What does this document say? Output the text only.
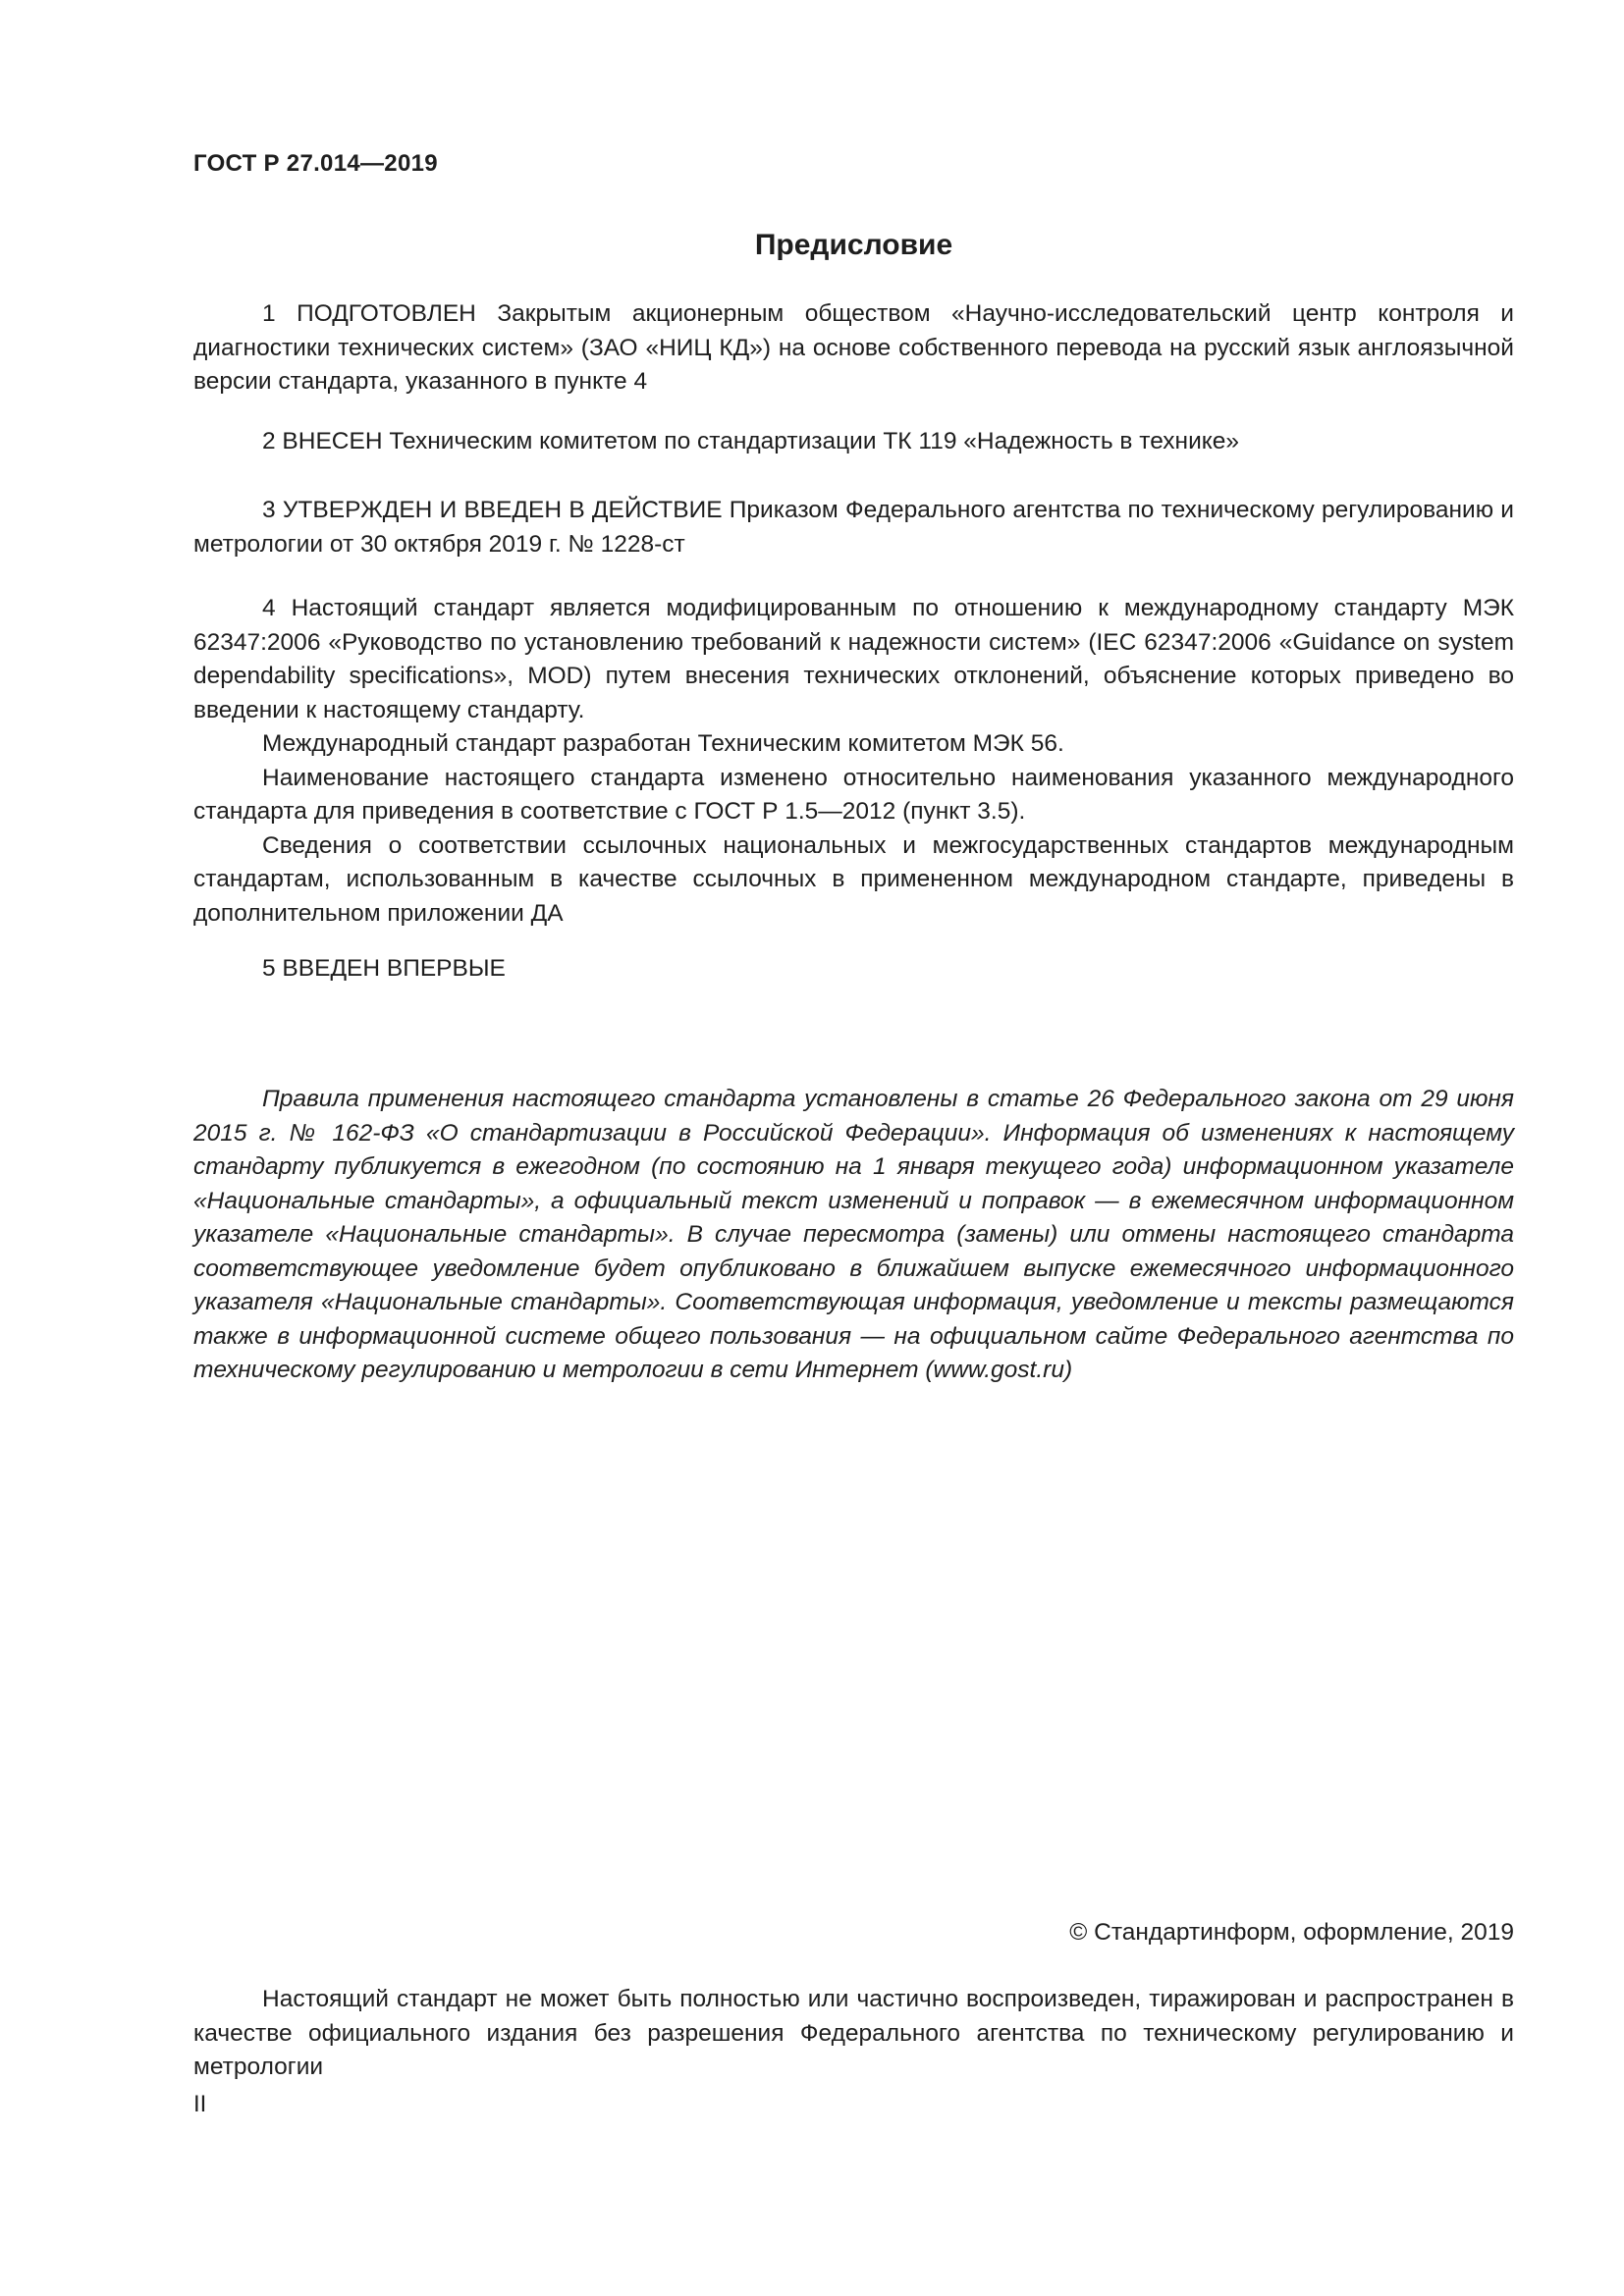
ГОСТ Р 27.014—2019
Предисловие

1 ПОДГОТОВЛЕН Закрытым акционерным обществом «Научно-исследовательский центр контроля и диагностики технических систем» (ЗАО «НИЦ КД») на основе собственного перевода на русский язык англоязычной версии стандарта, указанного в пункте 4

2 ВНЕСЕН Техническим комитетом по стандартизации ТК 119 «Надежность в технике»

3 УТВЕРЖДЕН И ВВЕДЕН В ДЕЙСТВИЕ Приказом Федерального агентства по техническому регулированию и метрологии от 30 октября 2019 г. № 1228-ст

4 Настоящий стандарт является модифицированным по отношению к международному стандарту МЭК 62347:2006 «Руководство по установлению требований к надежности систем» (IEC 62347:2006 «Guidance on system dependability specifications», MOD) путем внесения технических отклонений, объяснение которых приведено во введении к настоящему стандарту.

Международный стандарт разработан Техническим комитетом МЭК 56.

Наименование настоящего стандарта изменено относительно наименования указанного международного стандарта для приведения в соответствие с ГОСТ Р 1.5—2012 (пункт 3.5).

Сведения о соответствии ссылочных национальных и межгосударственных стандартов международным стандартам, использованным в качестве ссылочных в примененном международном стандарте, приведены в дополнительном приложении ДА

5 ВВЕДЕН ВПЕРВЫЕ

Правила применения настоящего стандарта установлены в статье 26 Федерального закона от 29 июня 2015 г. № 162-ФЗ «О стандартизации в Российской Федерации». Информация об изменениях к настоящему стандарту публикуется в ежегодном (по состоянию на 1 января текущего года) информационном указателе «Национальные стандарты», а официальный текст изменений и поправок — в ежемесячном информационном указателе «Национальные стандарты». В случае пересмотра (замены) или отмены настоящего стандарта соответствующее уведомление будет опубликовано в ближайшем выпуске ежемесячного информационного указателя «Национальные стандарты». Соответствующая информация, уведомление и тексты размещаются также в информационной системе общего пользования — на официальном сайте Федерального агентства по техническому регулированию и метрологии в сети Интернет (www.gost.ru)

© Стандартинформ, оформление, 2019

Настоящий стандарт не может быть полностью или частично воспроизведен, тиражирован и распространен в качестве официального издания без разрешения Федерального агентства по техническому регулированию и метрологии

II
